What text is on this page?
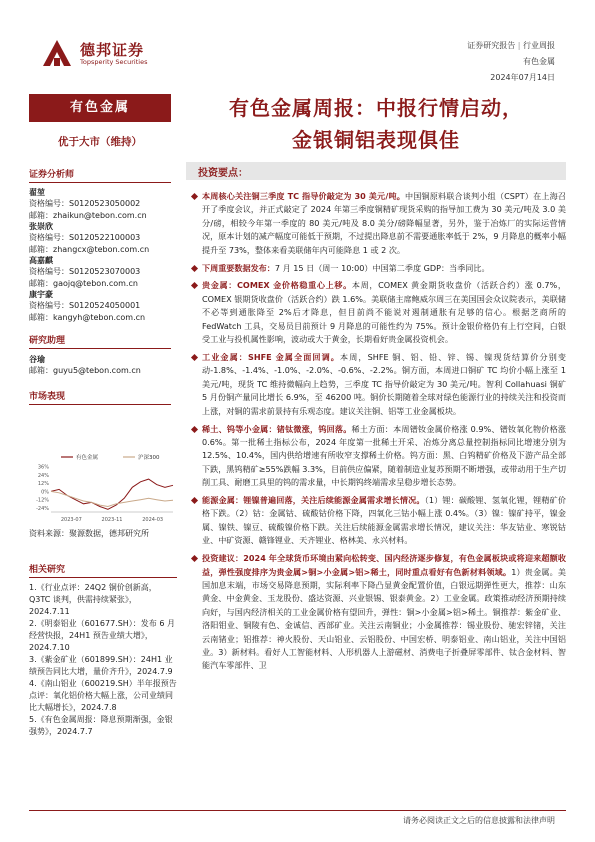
德邦证券
Topsperity Securities
证券研究报告 | 行业周报
有色金属
2024年07月14日
有色金属
优于大市（维持）
证券分析师
翟堃
资格编号：S0120523050002
邮箱：zhaikun@tebon.com.cn
张崇欣
资格编号：S0120522100003
邮箱：zhangcx@tebon.com.cn
高嘉麒
资格编号：S0120523070003
邮箱：gaojq@tebon.com.cn
康宇豪
资格编号：S0120524050001
邮箱：kangyh@tebon.com.cn
研究助理
谷瑜
邮箱：guyu5@tebon.com.cn
市场表现
36%
24%
12%
0%
-12%
-24%
2023-07	2023-11	2024-03
有色金属	沪深300
资料来源：聚源数据，德邦研究所
相关研究
1.《行业点评：24Q2 铜价创新高，Q3TC 谈判，供需持续紧张》，2024.7.11
2.《明泰铝业（601677.SH）：发布 6 月经营快报，24H1 预告业绩大增》，2024.7.10
3.《紫金矿业（601899.SH）：24H1 业绩预告同比大增，量价齐升》，2024.7.9
4.《南山铝业（600219.SH）半年报预告点评：氧化铝价格大幅上涨，公司业绩同比大幅增长》，2024.7.8
5.《有色金属周报：降息预期渐强，金银强势》，2024.7.7
有色金属周报：中报行情启动，
金银铜铝表现俱佳
投资要点：
本周核心关注铜三季度 TC 指导价敲定为 30 美元/吨。中国铜原料联合谈判小组（CSPT）在上海召开了季度会议，并正式敲定了 2024 年第三季度铜精矿现货采购的指导加工费为 30 美元/吨及 3.0 美分/磅，相较今年第一季度的 80 美元/吨及 8.0 美分/磅降幅显著，另外，鉴于冶炼厂的实际运营情况，原本计划的减产幅度可能低于预期，不过提出降息前不需要通胀率低于 2%，9 月降息的概率小幅提升至 73%，整体来看美联储年内可能降息 1 或 2 次。
下周重要数据发布：7 月 15 日（周一 10:00）中国第二季度 GDP：当季同比。
贵金属：COMEX 金价格稳重心上移。本周，COMEX 黄金期货收盘价（活跃合约）涨 0.7%，COMEX 银期货收盘价（活跃合约）跌 1.6%。美联储主席鲍威尔周三在美国国会众议院表示，美联储不必等到通胀降至 2%后才降息，但目前尚不能说对遏制通胀有足够的信心。根据芝商所的 FedWatch 工具，交易员目前预计 9 月降息的可能性约为 75%。预计金银价格仍有上行空间，白银受工业与投机属性影响，波动或大于黄金，长期看好贵金属投资机会。
工业金属：SHFE 金属全面回调。本周，SHFE 铜、铝、铅、锌、锡、镍现货结算价分别变动-1.8%、-1.4%、-1.0%、-2.0%、-0.6%、-2.2%。铜方面，本周进口铜矿 TC 均价小幅上涨至 1 美元/吨，现货 TC 维持微幅向上趋势，三季度 TC 指导价敲定为 30 美元/吨。智利 Collahuasi 铜矿 5 月份铜产量同比增长 6.9%，至 46200 吨。铜价长期随着全球对绿色能源行业的持续关注和投资而上涨，对铜的需求前景持有乐观态度。建议关注铜、铝等工业金属板块。
稀土、钨等小金属：锗钛微涨，钨回落。稀土方面：本周镨钕金属价格涨 0.9%、镨钕氧化物价格涨 0.6%。第一批稀土指标公布，2024 年度第一批稀土开采、冶炼分离总量控制指标同比增速分别为 12.5%、10.4%，国内供给增速有所收窄支撑稀土价格。钨方面：黑、白钨精矿价格及下游产品全部下跌，黑钨精矿≥55%跌幅 3.3%，目前供应偏紧，随着制造业复苏预期不断增强，或带动用于生产切削工具、耐磨工具里的钨的需求量，中长期钨终端需求呈稳步增长态势。
能源金属：锂镍普遍回落，关注后续能源金属需求增长情况。（1）锂：碳酸锂、氢氧化锂，锂精矿价格下跌。（2）钴：金属钴、硫酸钴价格下降，四氧化三钴小幅上涨 0.4%。（3）镍：镍矿持平，镍金属、镍铁、镍豆、硫酸镍价格下跌。关注后续能源金属需求增长情况，建议关注：华友钴业、寒锐钴业、中矿资源、赣锋锂业、天齐锂业、格林美、永兴材料。
投资建议：2024 年全球货币环境由紧向松转变、国内经济逐步修复，有色金属板块或将迎来超额收益，弹性强度排序为贵金属>铜>小金属>铝>稀土，同时重点看好有色新材料领域。1）贵金属。美国加息末端，市场交易降息预期，实际利率下降凸显黄金配置价值，白银远期弹性更大，推荐：山东黄金、中金黄金、玉龙股份、盛达资源、兴业银锡、银泰黄金。2）工业金属。政策推动经济预期持续向好，与国内经济相关的工业金属价格有望回升，弹性：铜>小金属>铝>稀土。铜推荐：紫金矿业、洛阳钼业、铜陵有色、金诚信、西部矿业。关注云南铜业；小金属推荐：锡业股份、驰宏锌锗，关注云南锗业；铝推荐：神火股份、天山铝业、云铝股份、中国宏桥、明泰铝业、南山铝业，关注中国铝业。3）新材料。看好人工智能材料、人形机器人上游磁材、消费电子折叠屏零部件、钛合金材料、智能汽车零部件、卫
请务必阅读正文之后的信息披露和法律声明
